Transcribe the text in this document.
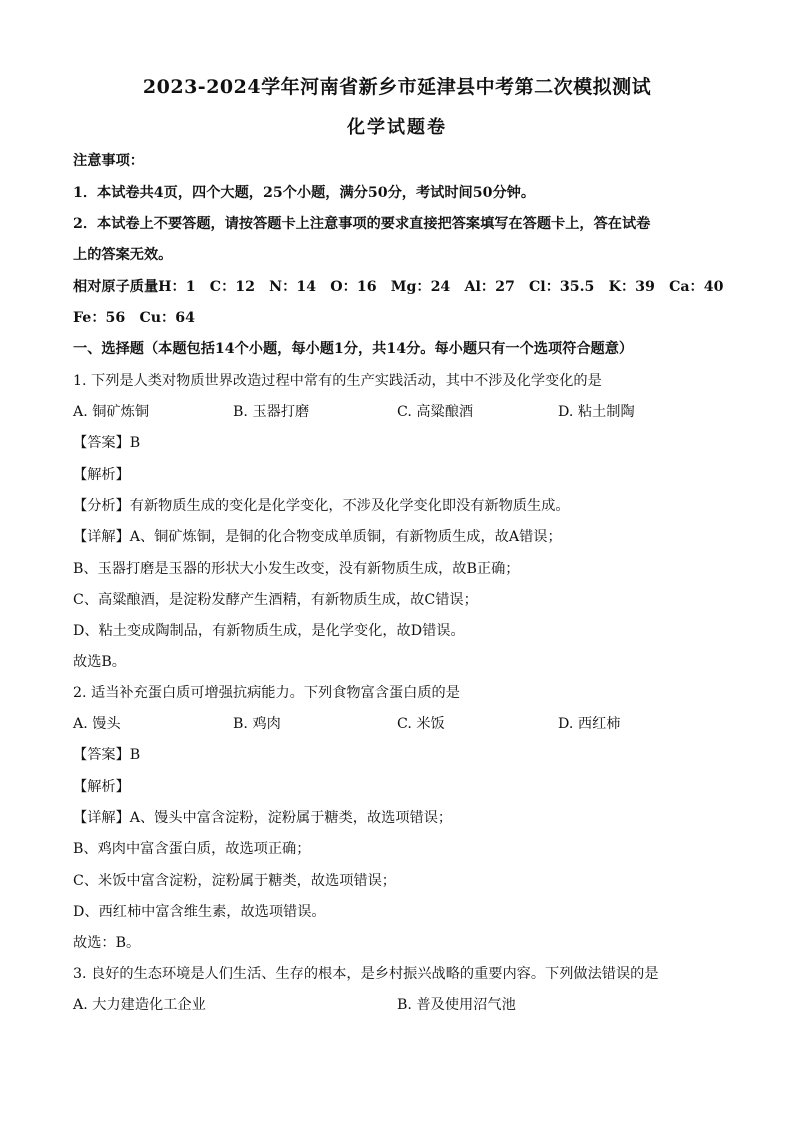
2023-2024学年河南省新乡市延津县中考第二次模拟测试
化学试题卷
注意事项：
1．本试卷共4页，四个大题，25个小题，满分50分，考试时间50分钟。
2．本试卷上不要答题，请按答题卡上注意事项的要求直接把答案填写在答题卡上，答在试卷
上的答案无效。
相对原子质量H：1　C：12　N：14　O：16　Mg：24　Al：27　Cl：35.5　K：39　Ca：40
Fe：56　Cu：64
一、选择题（本题包括14个小题，每小题1分，共14分。每小题只有一个选项符合题意）
1. 下列是人类对物质世界改造过程中常有的生产实践活动，其中不涉及化学变化的是
A. 铜矿炼铜	B. 玉器打磨	C. 高粱酿酒	D. 粘土制陶
【答案】B
【解析】
【分析】有新物质生成的变化是化学变化，不涉及化学变化即没有新物质生成。
【详解】A、铜矿炼铜，是铜的化合物变成单质铜，有新物质生成，故A错误；
B、玉器打磨是玉器的形状大小发生改变，没有新物质生成，故B正确；
C、高粱酿酒，是淀粉发酵产生酒精，有新物质生成，故C错误；
D、粘土变成陶制品，有新物质生成，是化学变化，故D错误。
故选B。
2. 适当补充蛋白质可增强抗病能力。下列食物富含蛋白质的是
A. 馒头	B. 鸡肉	C. 米饭	D. 西红柿
【答案】B
【解析】
【详解】A、馒头中富含淀粉，淀粉属于糖类，故选项错误；
B、鸡肉中富含蛋白质，故选项正确；
C、米饭中富含淀粉，淀粉属于糖类，故选项错误；
D、西红柿中富含维生素，故选项错误。
故选：B。
3. 良好的生态环境是人们生活、生存的根本，是乡村振兴战略的重要内容。下列做法错误的是
A. 大力建造化工企业	B. 普及使用沼气池
